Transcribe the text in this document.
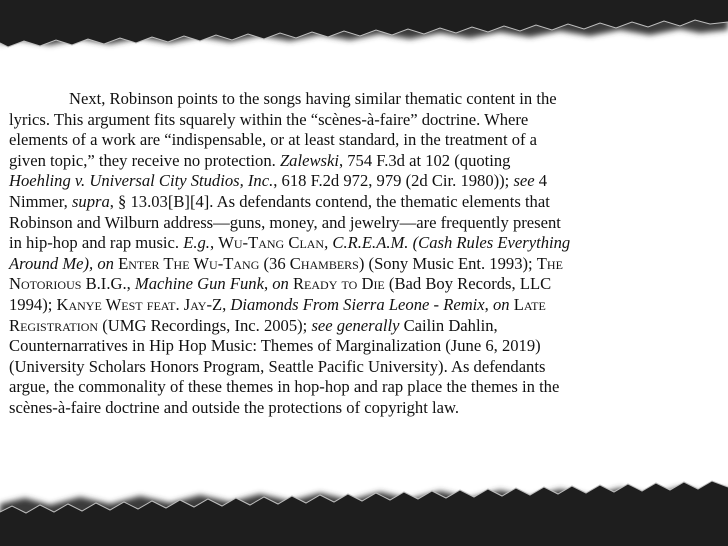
Next, Robinson points to the songs having similar thematic content in the
lyrics. This argument fits squarely within the “scènes-à-faire” doctrine. Where
elements of a work are “indispensable, or at least standard, in the treatment of a
given topic,” they receive no protection. Zalewski, 754 F.3d at 102 (quoting
Hoehling v. Universal City Studios, Inc., 618 F.2d 972, 979 (2d Cir. 1980)); see 4
Nimmer, supra, § 13.03[B][4]. As defendants contend, the thematic elements that
Robinson and Wilburn address—guns, money, and jewelry—are frequently present
in hip-hop and rap music. E.g., Wu-Tang Clan, C.R.E.A.M. (Cash Rules Everything
Around Me), on Enter The Wu-Tang (36 Chambers) (Sony Music Ent. 1993); The
Notorious B.I.G., Machine Gun Funk, on Ready to Die (Bad Boy Records, LLC
1994); Kanye West feat. Jay-Z, Diamonds From Sierra Leone - Remix, on Late
Registration (UMG Recordings, Inc. 2005); see generally Cailin Dahlin,
Counternarratives in Hip Hop Music: Themes of Marginalization (June 6, 2019)
(University Scholars Honors Program, Seattle Pacific University). As defendants
argue, the commonality of these themes in hop-hop and rap place the themes in the
scènes-à-faire doctrine and outside the protections of copyright law.
